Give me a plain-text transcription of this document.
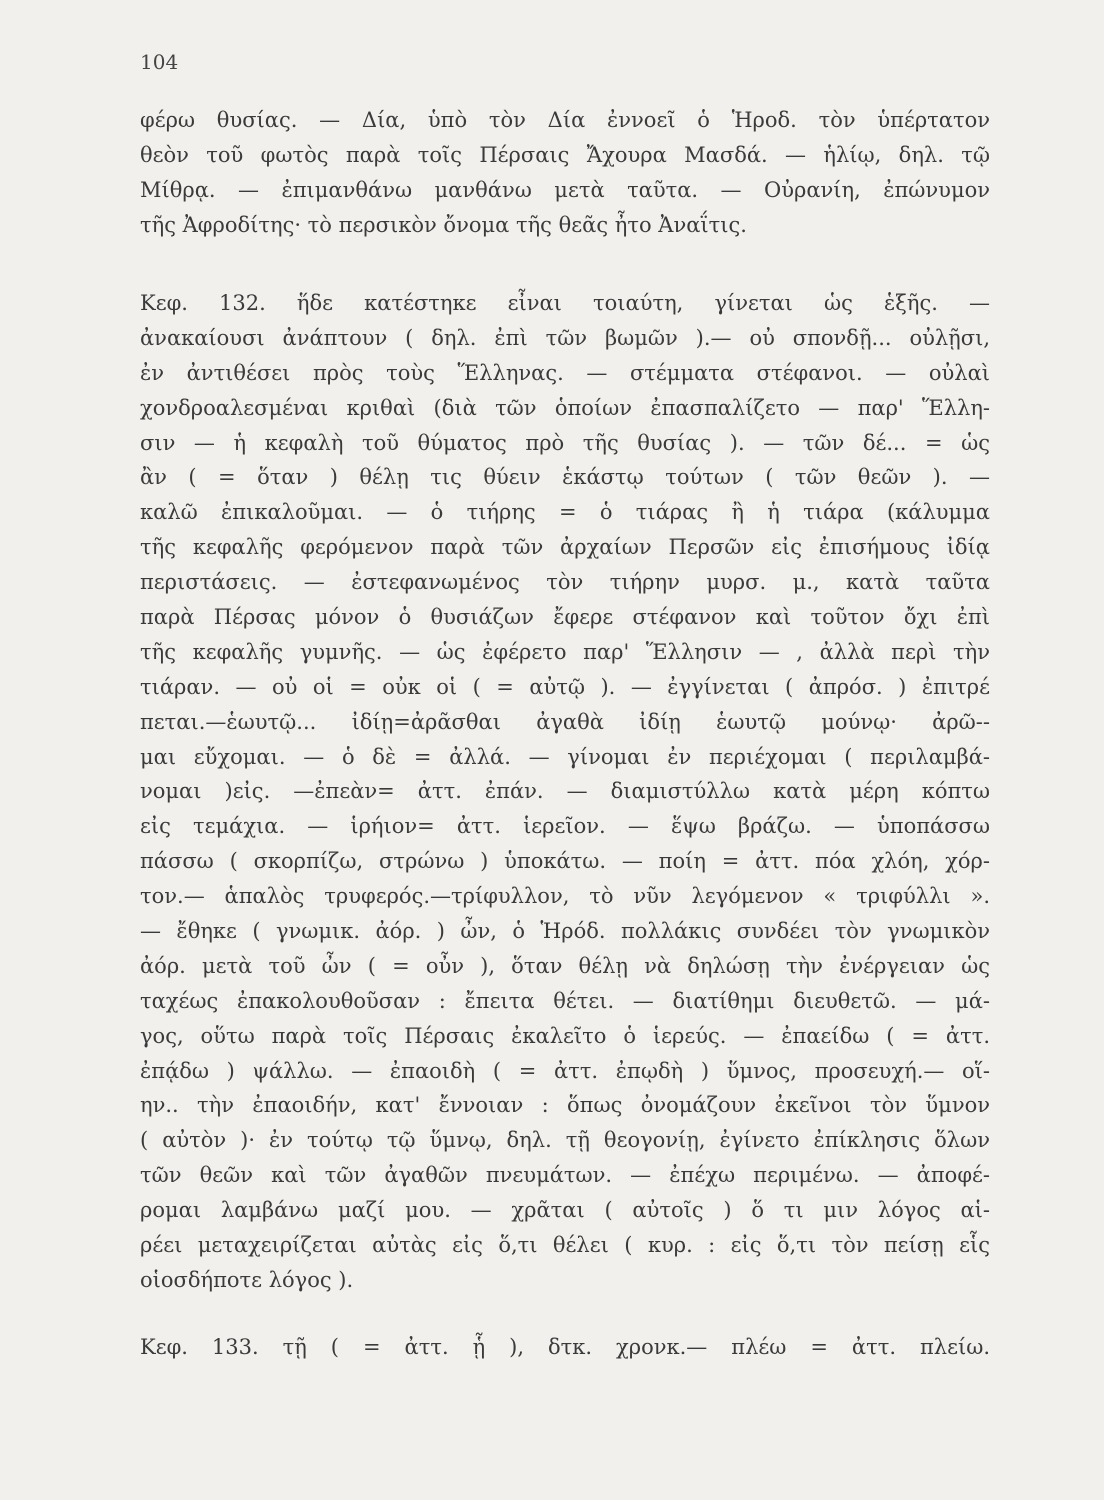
104
φέρω θυσίας. — Δία, ὑπὸ τὸν Δία ἐννοεῖ ὁ Ἡροδ. τὸν ὑπέρτατον
θεὸν τοῦ φωτὸς παρὰ τοῖς Πέρσαις Ἄχουρα Μασδά. — ἡλίῳ, δηλ. τῷ
Μίθρᾳ. — ἐπιμανθάνω μανθάνω μετὰ ταῦτα. — Οὐρανίη, ἐπώνυμον
τῆς Ἀφροδίτης· τὸ περσικὸν ὄνομα τῆς θεᾶς ἦτο Ἀναΐτις.
Κεφ. 132. ἥδε κατέστηκε εἶναι τοιαύτη, γίνεται ὡς ἑξῆς. —
ἀνακαίουσι ἀνάπτουν ( δηλ. ἐπὶ τῶν βωμῶν ).— οὐ σπονδῇ... οὐλῇσι,
ἐν ἀντιθέσει πρὸς τοὺς Ἕλληνας. — στέμματα στέφανοι. — οὐλαὶ
χονδροαλεσμέναι κριθαὶ (διὰ τῶν ὁποίων ἐπασπαλίζετο — παρ' Ἕλλη-
σιν — ἡ κεφαλὴ τοῦ θύματος πρὸ τῆς θυσίας ). — τῶν δέ... = ὡς
ἂν ( = ὅταν ) θέλῃ τις θύειν ἑκάστῳ τούτων ( τῶν θεῶν ). —
καλῶ ἐπικαλοῦμαι. — ὁ τιήρης = ὁ τιάρας ἢ ἡ τιάρα (κάλυμμα
τῆς κεφαλῆς φερόμενον παρὰ τῶν ἀρχαίων Περσῶν εἰς ἐπισήμους ἰδίᾳ
περιστάσεις. — ἐστεφανωμένος τὸν τιήρην μυρσ. μ., κατὰ ταῦτα
παρὰ Πέρσας μόνον ὁ θυσιάζων ἔφερε στέφανον καὶ τοῦτον ὄχι ἐπὶ
τῆς κεφαλῆς γυμνῆς. — ὡς ἐφέρετο παρ' Ἕλλησιν — , ἀλλὰ περὶ τὴν
τιάραν. — οὐ οἱ = οὐκ οἱ ( = αὐτῷ ). — ἐγγίνεται ( ἀπρόσ. ) ἐπιτρέ
πεται.—ἑωυτῷ... ἰδίῃ=ἀρᾶσθαι ἀγαθὰ ἰδίῃ ἑωυτῷ μούνῳ· ἀρῶ--
μαι εὔχομαι. — ὁ δὲ = ἀλλά. — γίνομαι ἐν περιέχομαι ( περιλαμβά-
νομαι )εἰς. —ἐπεὰν= ἀττ. ἐπάν. — διαμιστύλλω κατὰ μέρη κόπτω
εἰς τεμάχια. — ἱρήιον= ἀττ. ἱερεῖον. — ἕψω βράζω. — ὑποπάσσω
πάσσω ( σκορπίζω, στρώνω ) ὑποκάτω. — ποίη = ἀττ. πόα χλόη, χόρ-
τον.— ἁπαλὸς τρυφερός.—τρίφυλλον, τὸ νῦν λεγόμενον « τριφύλλι ».
— ἔθηκε ( γνωμικ. ἀόρ. ) ὦν, ὁ Ἡρόδ. πολλάκις συνδέει τὸν γνωμικὸν
ἀόρ. μετὰ τοῦ ὦν ( = οὖν ), ὅταν θέλῃ νὰ δηλώσῃ τὴν ἐνέργειαν ὡς
ταχέως ἐπακολουθοῦσαν : ἔπειτα θέτει. — διατίθημι διευθετῶ. — μά-
γος, οὕτω παρὰ τοῖς Πέρσαις ἐκαλεῖτο ὁ ἱερεύς. — ἐπαείδω ( = ἀττ.
ἐπᾴδω ) ψάλλω. — ἐπαοιδὴ ( = ἀττ. ἐπῳδὴ ) ὕμνος, προσευχή.— οἵ-
ην.. τὴν ἐπαοιδήν, κατ' ἔννοιαν : ὅπως ὀνομάζουν ἐκεῖνοι τὸν ὕμνον
( αὐτὸν )· ἐν τούτῳ τῷ ὕμνῳ, δηλ. τῇ θεογονίῃ, ἐγίνετο ἐπίκλησις ὅλων
τῶν θεῶν καὶ τῶν ἀγαθῶν πνευμάτων. — ἐπέχω περιμένω. — ἀποφέ-
ρομαι λαμβάνω μαζί μου. — χρᾶται ( αὐτοῖς ) ὅ τι μιν λόγος αἱ-
ρέει μεταχειρίζεται αὐτὰς εἰς ὅ,τι θέλει ( κυρ. : εἰς ὅ,τι τὸν πείσῃ εἷς
οἱοσδήποτε λόγος ).
Κεφ. 133. τῇ ( = ἀττ. ᾗ ), δτκ. χρονκ.— πλέω = ἀττ. πλείω.
